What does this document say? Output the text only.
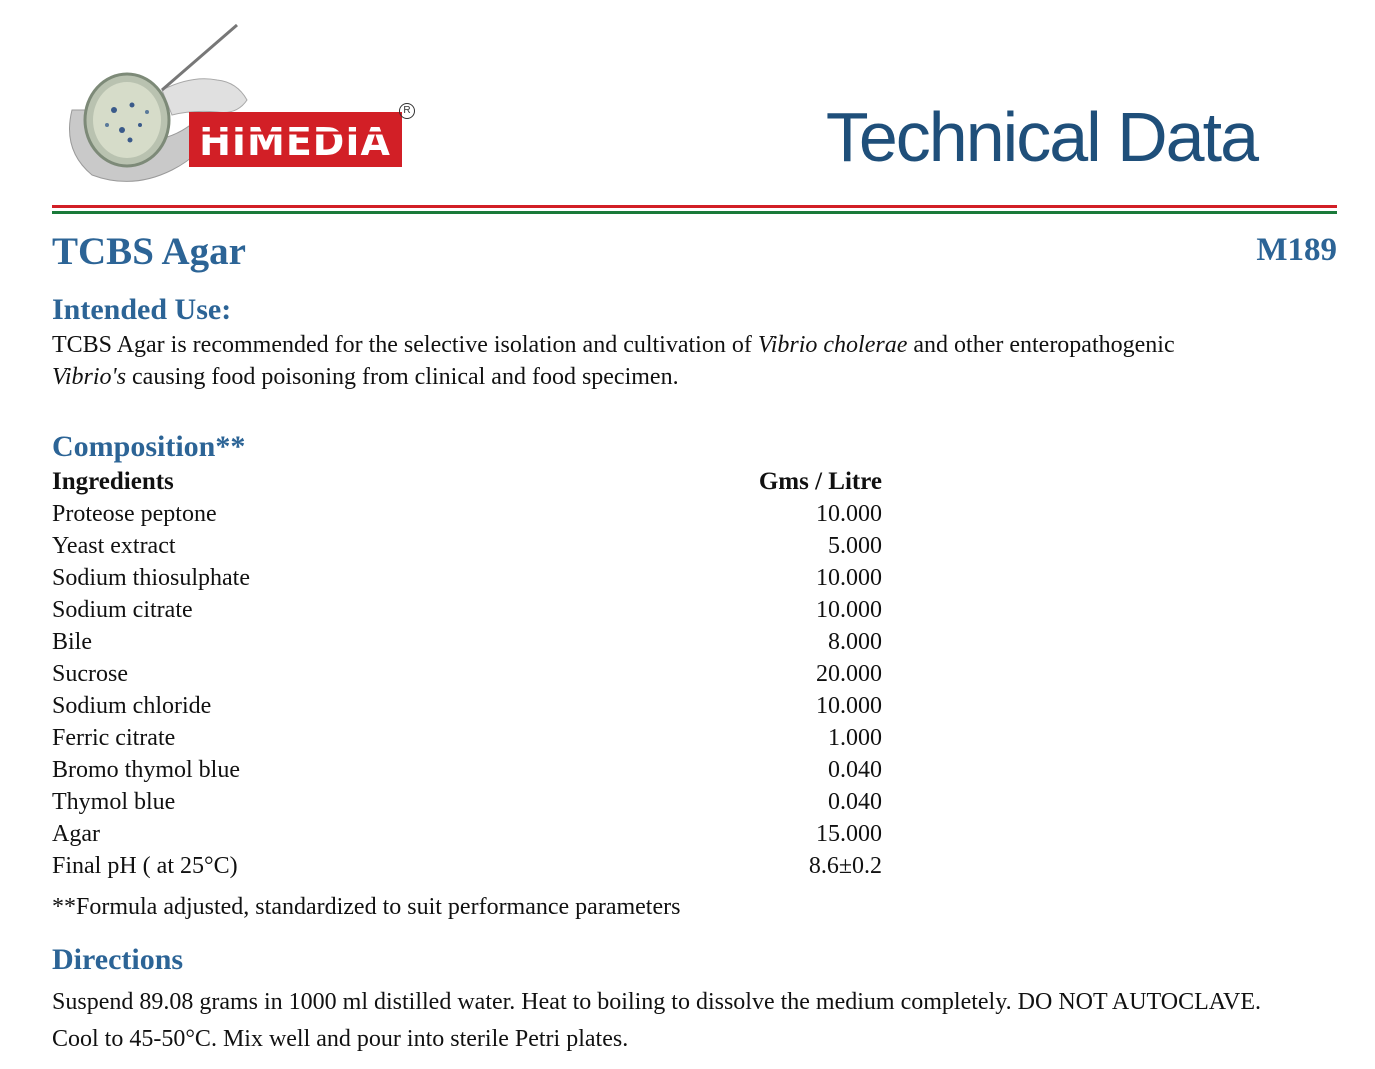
HIMEDIA
R	Technical Data
TCBS Agar	M189
Intended Use:
TCBS Agar is recommended for the selective isolation and cultivation of Vibrio cholerae and other enteropathogenic
Vibrio's causing food poisoning from clinical and food specimen.
Composition**
Ingredients	Gms / Litre
Proteose peptone	10.000
Yeast extract	5.000
Sodium thiosulphate	10.000
Sodium citrate	10.000
Bile	8.000
Sucrose	20.000
Sodium chloride	10.000
Ferric citrate	1.000
Bromo thymol blue	0.040
Thymol blue	0.040
Agar	15.000
Final pH ( at 25°C)	8.6±0.2
**Formula adjusted, standardized to suit performance parameters
Directions
Suspend 89.08 grams in 1000 ml distilled water. Heat to boiling to dissolve the medium completely. DO NOT AUTOCLAVE.
Cool to 45-50°C. Mix well and pour into sterile Petri plates.
